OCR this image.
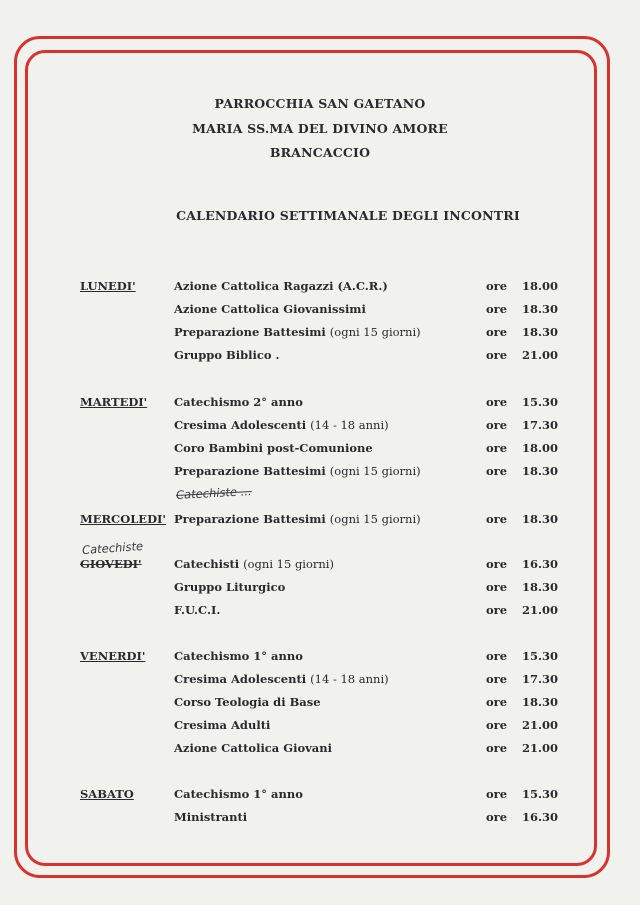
PARROCCHIA SAN GAETANO
MARIA SS.MA DEL DIVINO AMORE
BRANCACCIO
CALENDARIO SETTIMANALE DEGLI INCONTRI
Catechiste ...
Catechiste
LUNEDI'	Azione Cattolica Ragazzi (A.C.R.)	ore 18.00
Azione Cattolica Giovanissimi	ore 18.30
Preparazione Battesimi (ogni 15 giorni)	ore 18.30
Gruppo Biblico .	ore 21.00
MARTEDI' Catechismo 2° anno	ore 15.30
Cresima Adolescenti (14 - 18 anni)	ore 17.30
Coro Bambini post-Comunione	ore 18.00
Preparazione Battesimi (ogni 15 giorni)	ore 18.30
MERCOLEDI' Preparazione Battesimi (ogni 15 giorni)	ore 18.30
GIOVEDI'	Catechisti (ogni 15 giorni)	ore 16.30
Gruppo Liturgico	ore 18.30
F.U.C.I.	ore 21.00
VENERDI' Catechismo 1° anno	ore 15.30
Cresima Adolescenti (14 - 18 anni)	ore 17.30
Corso Teologia di Base	ore 18.30
Cresima Adulti	ore 21.00
Azione Cattolica Giovani	ore 21.00
SABATO	Catechismo 1° anno	ore 15.30
Ministranti	ore 16.30
